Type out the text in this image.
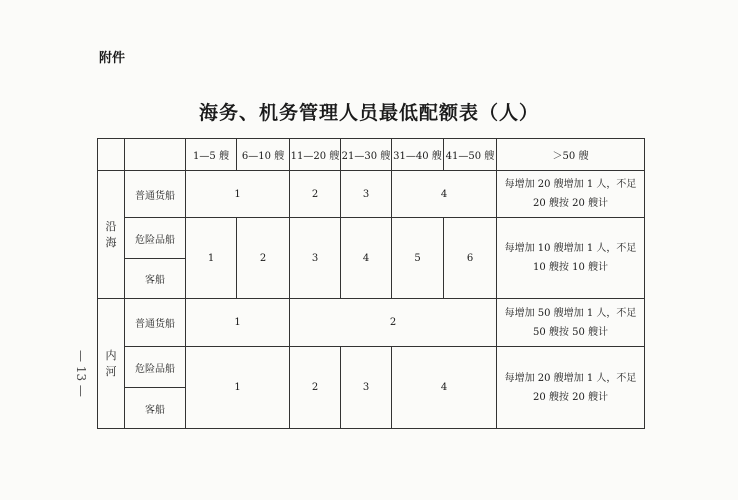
附件
海务、机务管理人员最低配额表（人）
— 13 —
		1—5 艘	6—10 艘	11—20 艘	21—30 艘	31—40 艘	41—50 艘	＞50 艘

沿
海	普通货船	1		2	3	4		每增加 20 艘增加 1 人，不足 20 艘按 20 艘计
	危险品船	1	2	3	4	5	6	每增加 10 艘增加 1 人，不足 10 艘按 10 艘计
	客船							

内
河	普通货船	1		2				每增加 50 艘增加 1 人，不足 50 艘按 50 艘计
	危险品船	1		2	3	4		每增加 20 艘增加 1 人，不足 20 艘按 20 艘计
	客船							
